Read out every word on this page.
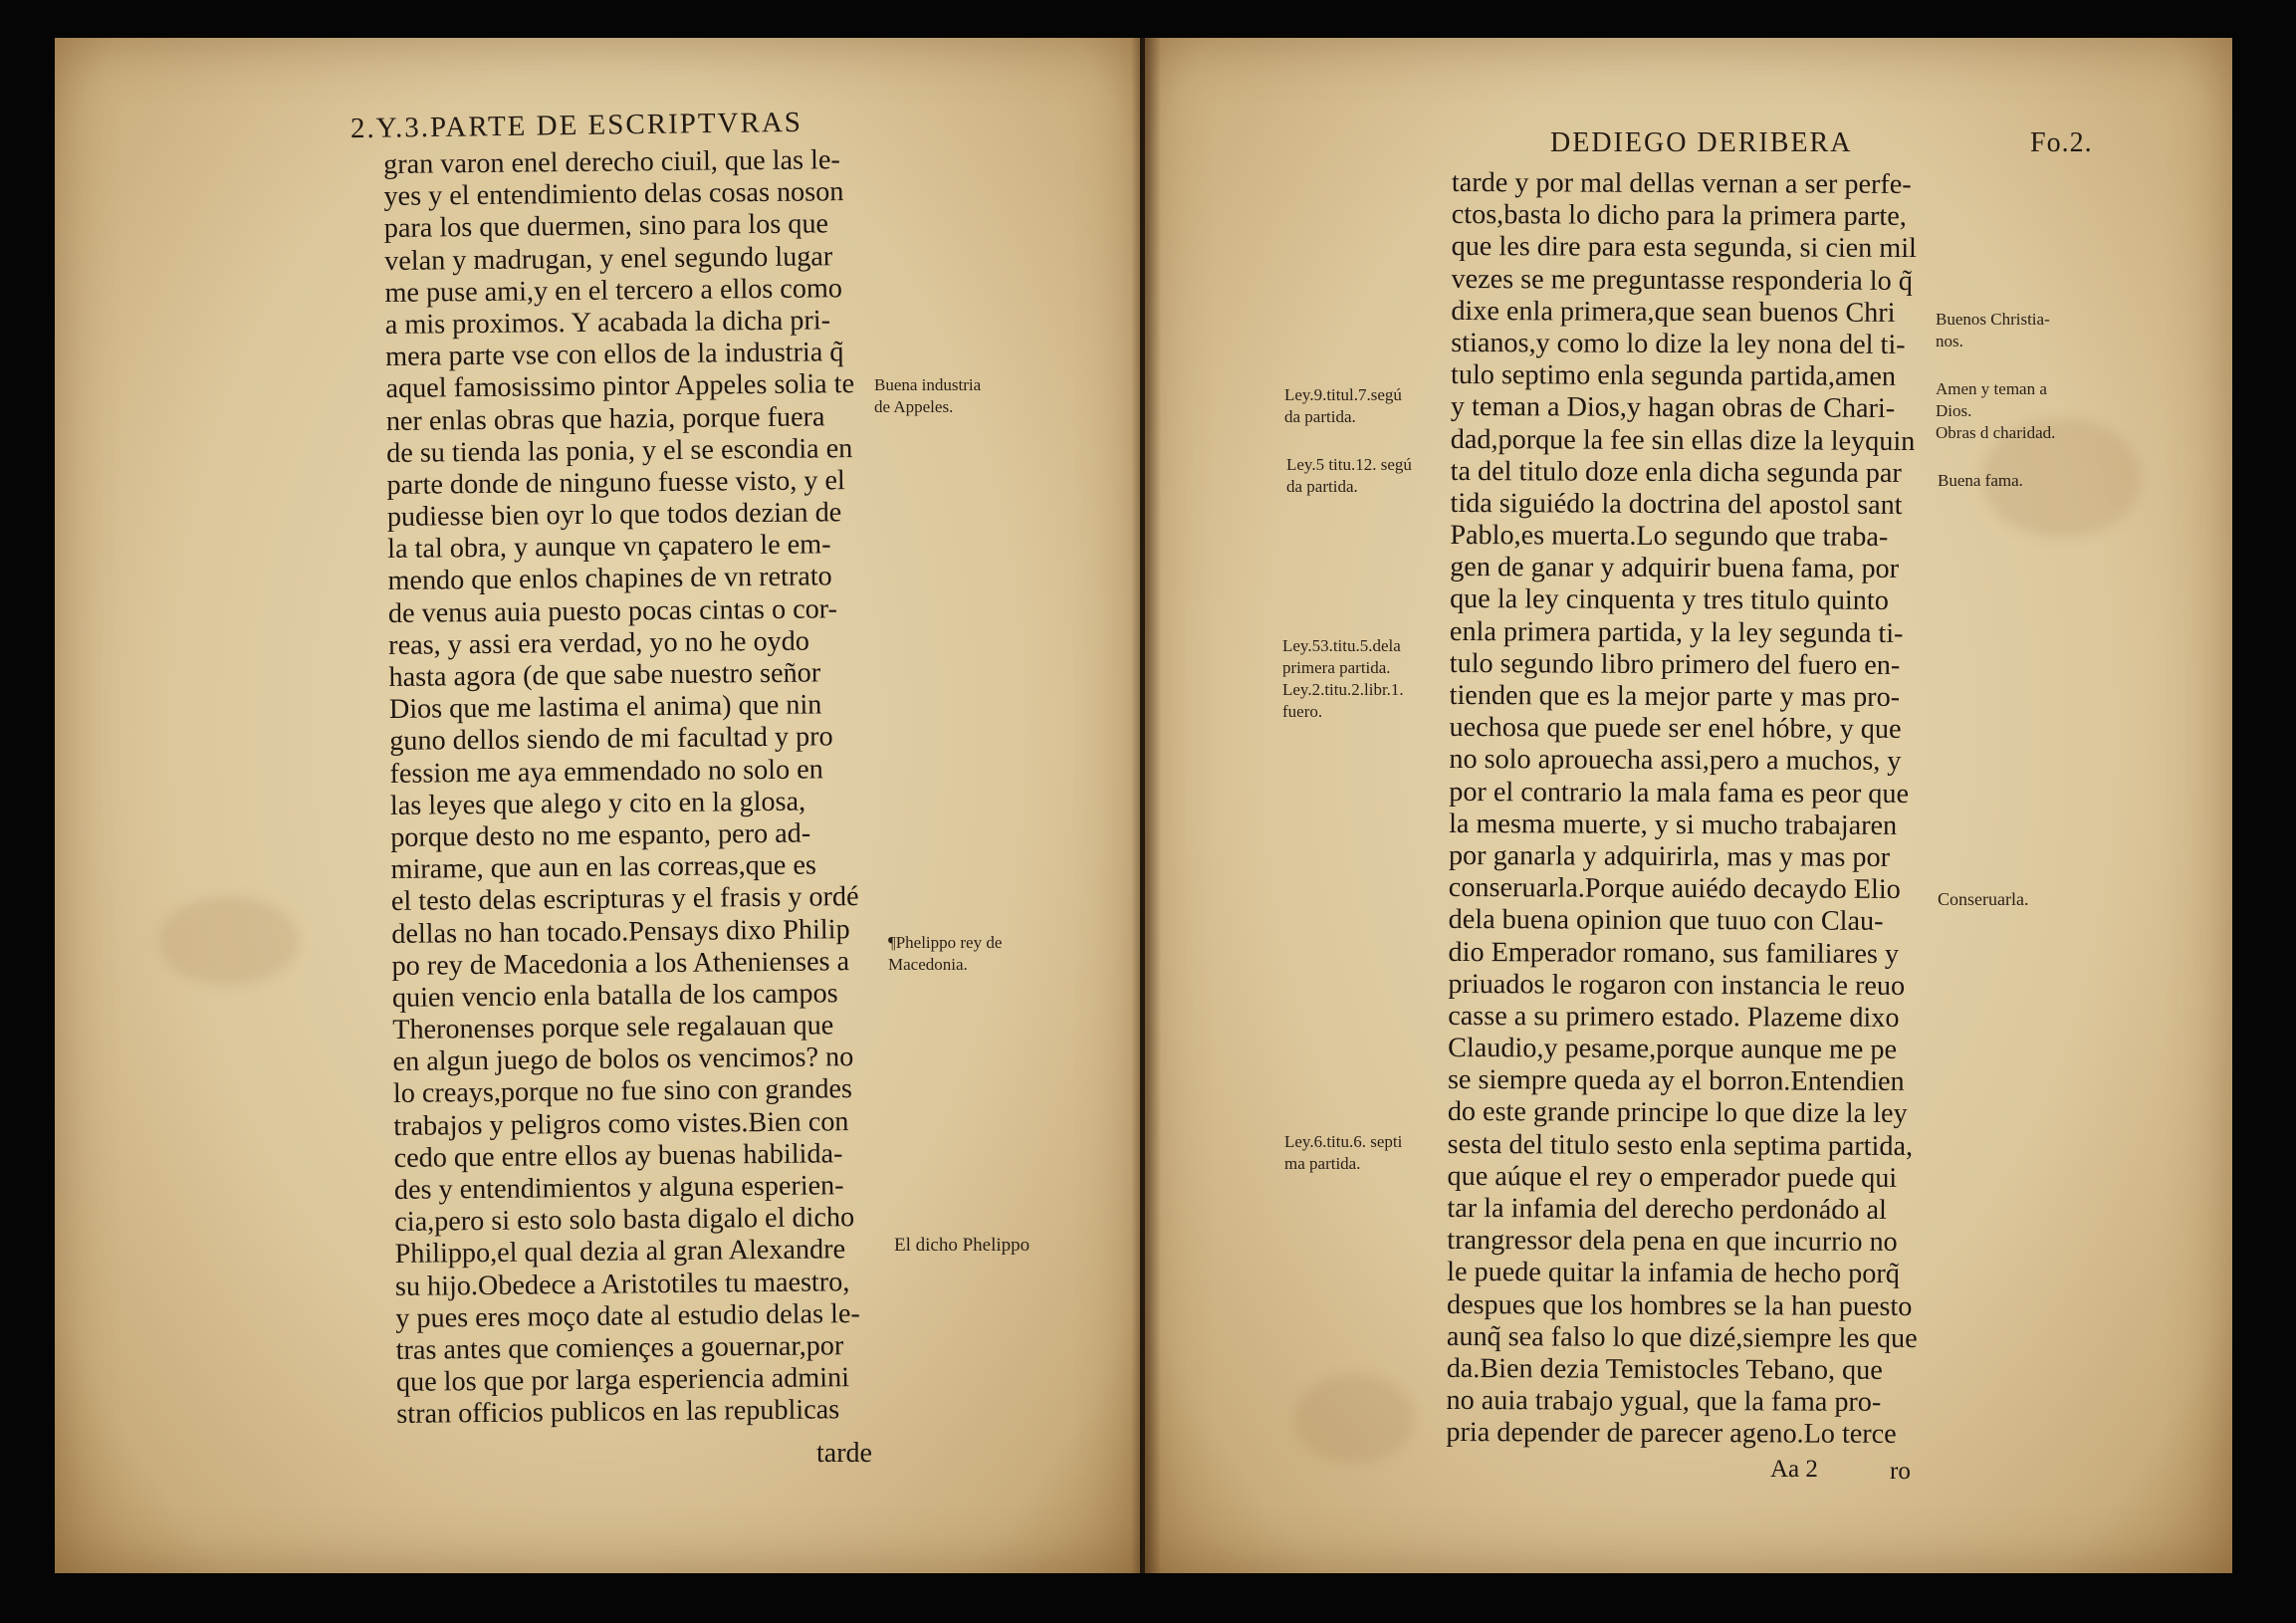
2.Y.3.PARTE DE ESCRIPTVRAS
gran varon enel derecho ciuil, que las le-
yes y el entendimiento delas cosas noson
para los que duermen, sino para los que
velan y madrugan, y enel segundo lugar
me puse ami,y en el tercero a ellos como
a mis proximos. Y acabada la dicha pri-
mera parte vse con ellos de la industria q̃
aquel famosissimo pintor Appeles solia te
ner enlas obras que hazia, porque fuera
de su tienda las ponia, y el se escondia en
parte donde de ninguno fuesse visto, y el
pudiesse bien oyr lo que todos dezian de
la tal obra, y aunque vn çapatero le em-
mendo que enlos chapines de vn retrato
de venus auia puesto pocas cintas o cor-
reas, y assi era verdad, yo no he oydo
hasta agora (de que sabe nuestro señor
Dios que me lastima el anima) que nin
guno dellos siendo de mi facultad y pro
fession me aya emmendado no solo en
las leyes que alego y cito en la glosa,
porque desto no me espanto, pero ad-
mirame, que aun en las correas,que es
el testo delas escripturas y el frasis y ordé
dellas no han tocado.Pensays dixo Philip
po rey de Macedonia a los Athenienses a
quien vencio enla batalla de los campos
Theronenses porque sele regalauan que
en algun juego de bolos os vencimos? no
lo creays,porque no fue sino con grandes
trabajos y peligros como vistes.Bien con
cedo que entre ellos ay buenas habilida-
des y entendimientos y alguna esperien-
cia,pero si esto solo basta digalo el dicho
Philippo,el qual dezia al gran Alexandre
su hijo.Obedece a Aristotiles tu maestro,
y pues eres moço date al estudio delas le-
tras antes que comiençes a gouernar,por
que los que por larga esperiencia admini
stran officios publicos en las republicas
tarde
Buena industria
de Appeles.
¶Phelippo rey de
Macedonia.
El dicho Phelippo
DEDIEGO DERIBERA	Fo.2.
tarde y por mal dellas vernan a ser perfe-
ctos,basta lo dicho para la primera parte,
que les dire para esta segunda, si cien mil
vezes se me preguntasse responderia lo q̃
dixe enla primera,que sean buenos Chri
stianos,y como lo dize la ley nona del ti-
tulo septimo enla segunda partida,amen
y teman a Dios,y hagan obras de Chari-
dad,porque la fee sin ellas dize la leyquin
ta del titulo doze enla dicha segunda par
tida siguiédo la doctrina del apostol sant
Pablo,es muerta.Lo segundo que traba-
gen de ganar y adquirir buena fama, por
que la ley cinquenta y tres titulo quinto
enla primera partida, y la ley segunda ti-
tulo segundo libro primero del fuero en-
tienden que es la mejor parte y mas pro-
uechosa que puede ser enel hóbre, y que
no solo aprouecha assi,pero a muchos, y
por el contrario la mala fama es peor que
la mesma muerte, y si mucho trabajaren
por ganarla y adquirirla, mas y mas por
conseruarla.Porque auiédo decaydo Elio
dela buena opinion que tuuo con Clau-
dio Emperador romano, sus familiares y
priuados le rogaron con instancia le reuo
casse a su primero estado. Plazeme dixo
Claudio,y pesame,porque aunque me pe
se siempre queda ay el borron.Entendien
do este grande principe lo que dize la ley
sesta del titulo sesto enla septima partida,
que aúque el rey o emperador puede qui
tar la infamia del derecho perdonádo al
trangressor dela pena en que incurrio no
le puede quitar la infamia de hecho porq̃
despues que los hombres se la han puesto
aunq̃ sea falso lo que dizé,siempre les que
da.Bien dezia Temistocles Tebano, que
no auia trabajo ygual, que la fama pro-
pria depender de parecer ageno.Lo terce
Aa 2	ro
Ley.9.titul.7.segú
da partida.
Ley.5 titu.12. segú
da partida.
Ley.53.titu.5.dela
primera partida.
Ley.2.titu.2.libr.1.
fuero.
Ley.6.titu.6. septi
ma partida.
Buenos Christia-
nos.
Amen y teman a
Dios.
Obras d charidad.
Buena fama.
Conseruarla.
